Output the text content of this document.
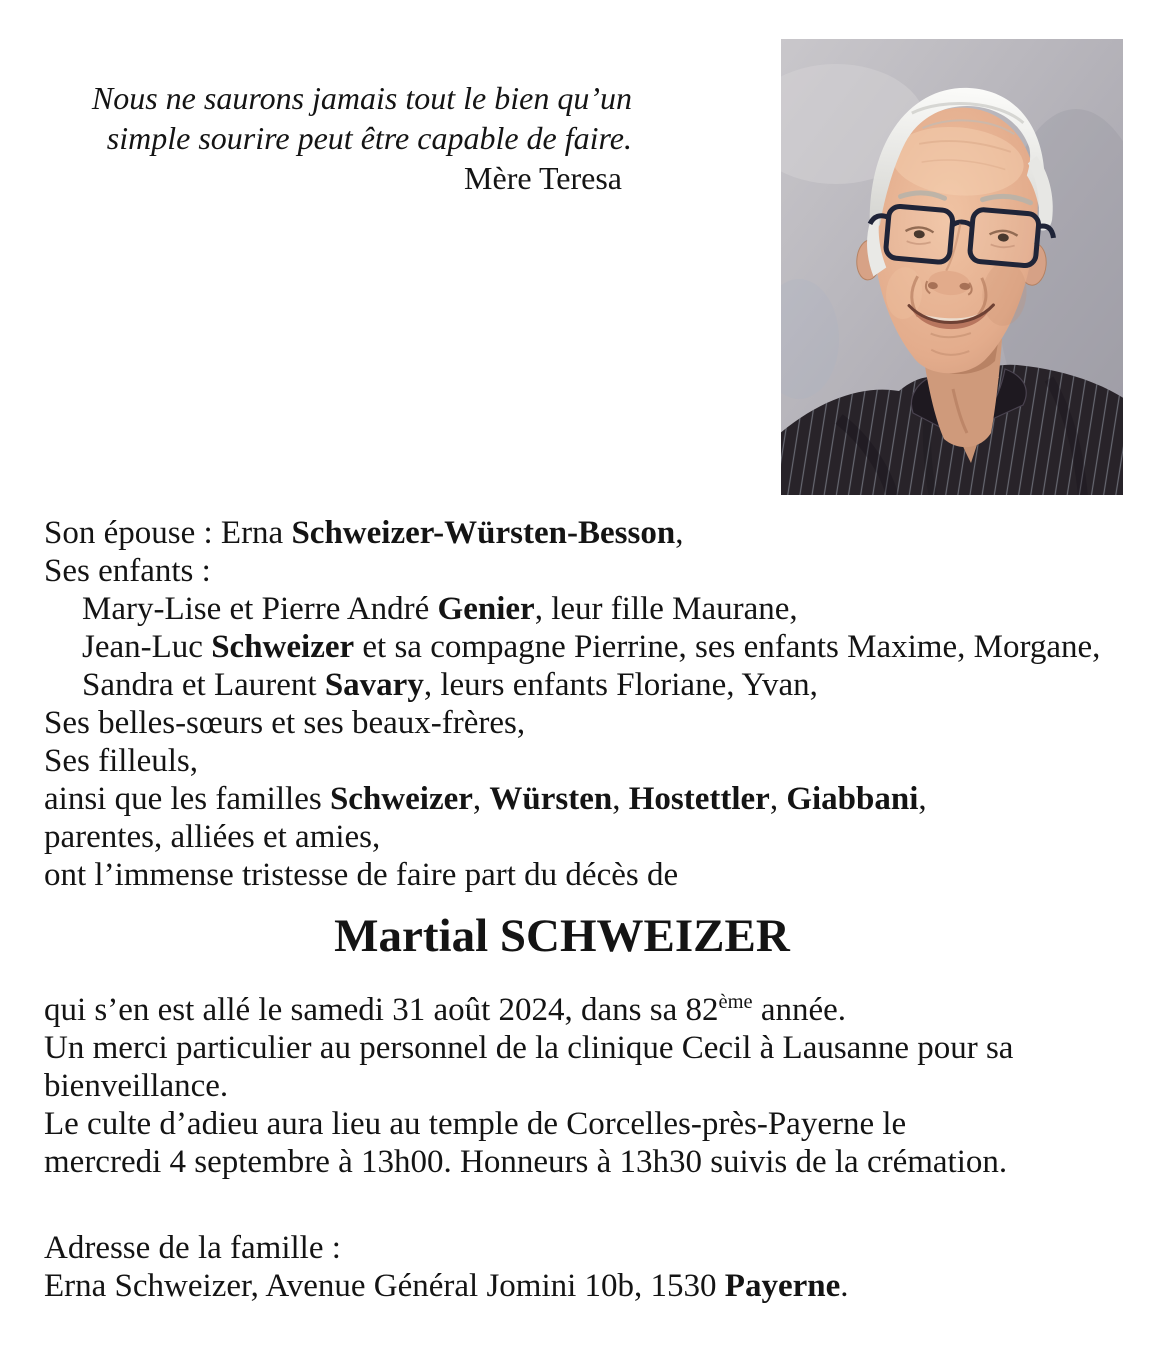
Nous ne saurons jamais tout le bien qu’un
simple sourire peut être capable de faire.
Mère Teresa
Son épouse : Erna Schweizer-Würsten-Besson,
Ses enfants :
Mary-Lise et Pierre André Genier, leur fille Maurane,
Jean-Luc Schweizer et sa compagne Pierrine, ses enfants Maxime, Morgane,
Sandra et Laurent Savary, leurs enfants Floriane, Yvan,
Ses belles-sœurs et ses beaux-frères,
Ses filleuls,
ainsi que les familles Schweizer, Würsten, Hostettler, Giabbani,
parentes, alliées et amies,
ont l’immense tristesse de faire part du décès de
Martial SCHWEIZER
qui s’en est allé le samedi 31 août 2024, dans sa 82ème année.
Un merci particulier au personnel de la clinique Cecil à Lausanne pour sa
bienveillance.
Le culte d’adieu aura lieu au temple de Corcelles-près-Payerne le
mercredi 4 septembre à 13h00. Honneurs à 13h30 suivis de la crémation.
Adresse de la famille :
Erna Schweizer, Avenue Général Jomini 10b, 1530 Payerne.
